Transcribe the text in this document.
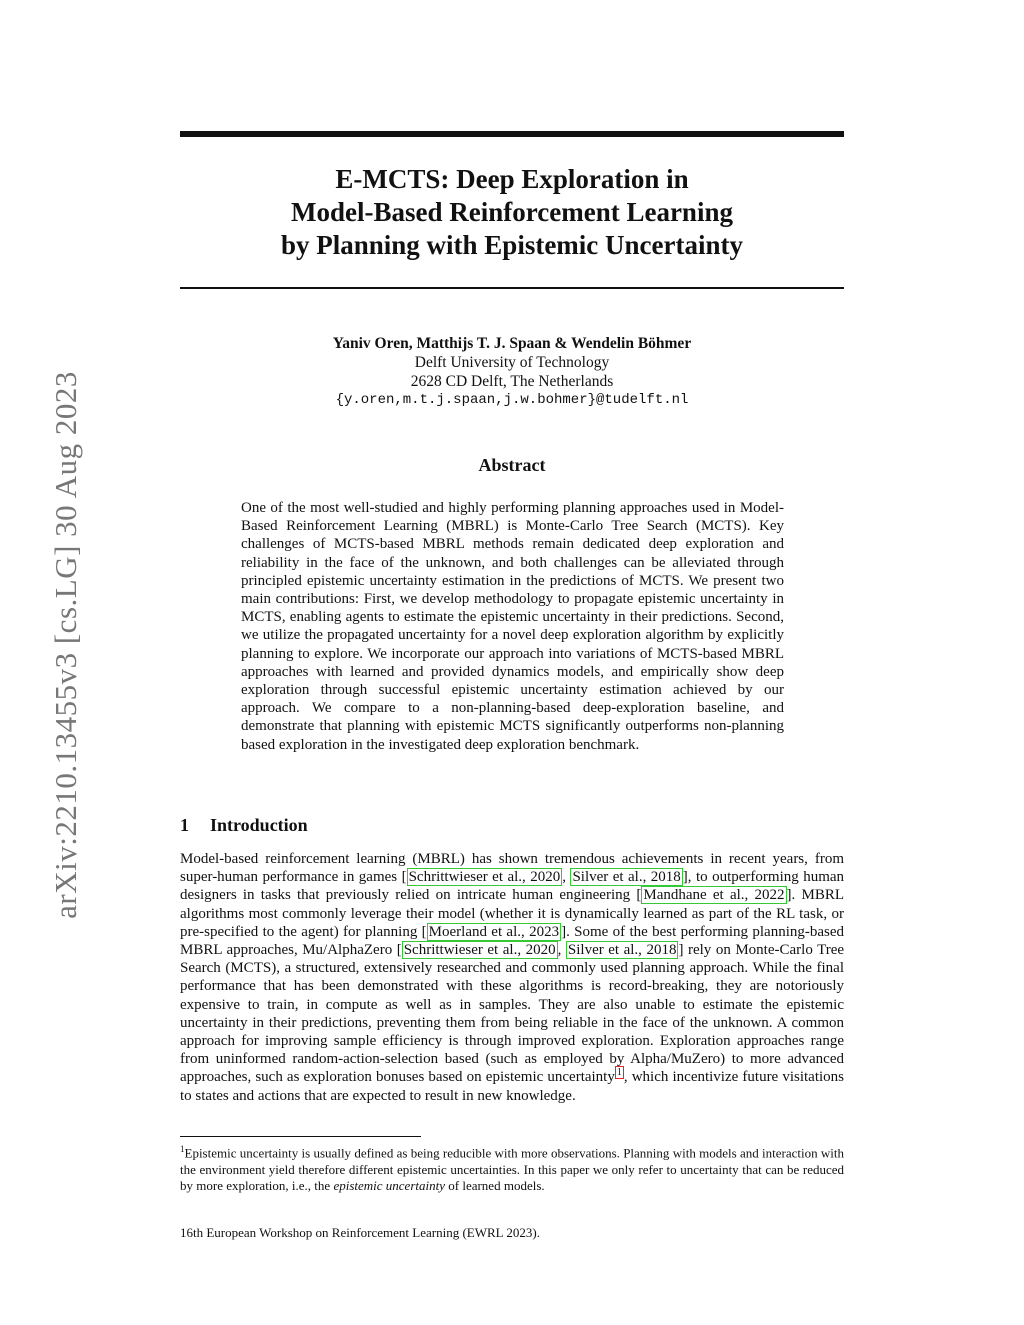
arXiv:2210.13455v3 [cs.LG] 30 Aug 2023
E-MCTS: Deep Exploration in
Model-Based Reinforcement Learning
by Planning with Epistemic Uncertainty
Yaniv Oren, Matthijs T. J. Spaan & Wendelin Böhmer
Delft University of Technology
2628 CD Delft, The Netherlands
{y.oren,m.t.j.spaan,j.w.bohmer}@tudelft.nl
Abstract
One of the most well-studied and highly performing planning approaches used in Model-Based Reinforcement Learning (MBRL) is Monte-Carlo Tree Search (MCTS). Key challenges of MCTS-based MBRL methods remain dedicated deep exploration and reliability in the face of the unknown, and both challenges can be alleviated through principled epistemic uncertainty estimation in the predictions of MCTS. We present two main contributions: First, we develop methodology to propagate epistemic uncertainty in MCTS, enabling agents to estimate the epistemic uncertainty in their predictions. Second, we utilize the propagated uncertainty for a novel deep exploration algorithm by explicitly planning to explore. We incorporate our approach into variations of MCTS-based MBRL approaches with learned and provided dynamics models, and empirically show deep exploration through successful epistemic uncertainty estimation achieved by our approach. We compare to a non-planning-based deep-exploration baseline, and demonstrate that planning with epistemic MCTS significantly outperforms non-planning based exploration in the investigated deep exploration benchmark.
1 Introduction
Model-based reinforcement learning (MBRL) has shown tremendous achievements in recent years, from super-human performance in games [ Schrittwieser et al., 2020 , Silver et al., 2018 ], to outperforming human designers in tasks that previously relied on intricate human engineering [ Mandhane et al., 2022 ]. MBRL algorithms most commonly leverage their model (whether it is dynamically learned as part of the RL task, or pre-specified to the agent) for planning [ Moerland et al., 2023 ]. Some of the best performing planning-based MBRL approaches, Mu/AlphaZero [ Schrittwieser et al., 2020 , Silver et al., 2018 ] rely on Monte-Carlo Tree Search (MCTS), a structured, extensively researched and commonly used planning approach. While the final performance that has been demonstrated with these algorithms is record-breaking, they are notoriously expensive to train, in compute as well as in samples. They are also unable to estimate the epistemic uncertainty in their predictions, preventing them from being reliable in the face of the unknown. A common approach for improving sample efficiency is through improved exploration. Exploration approaches range from uninformed random-action-selection based (such as employed by Alpha/MuZero) to more advanced approaches, such as exploration bonuses based on epistemic uncertainty $^1$ , which incentivize future visitations to states and actions that are expected to result in new knowledge.
$^1$Epistemic uncertainty is usually defined as being reducible with more observations. Planning with models and interaction with the environment yield therefore different epistemic uncertainties. In this paper we only refer to uncertainty that can be reduced by more exploration, i.e., the epistemic uncertainty of learned models.
16th European Workshop on Reinforcement Learning (EWRL 2023).
